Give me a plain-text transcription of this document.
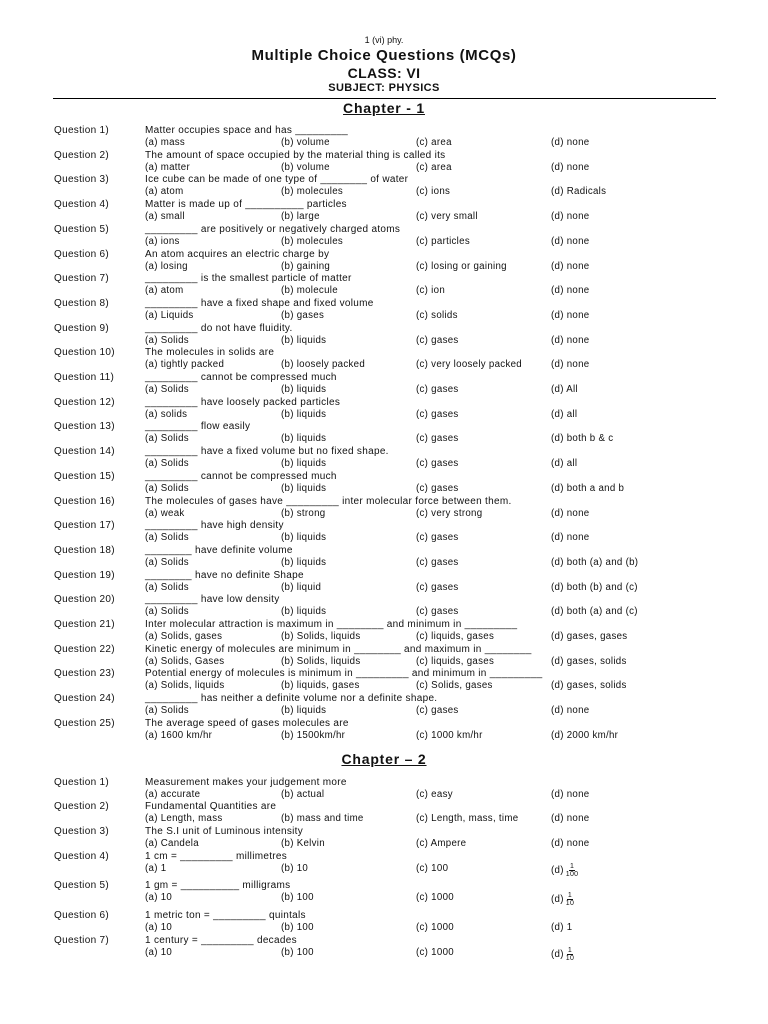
1 (vi) phy.
Multiple Choice Questions (MCQs)
CLASS: VI
SUBJECT: PHYSICS
Chapter - 1
Question 1)	Matter occupies space and has _________
(a) mass	(b) volume	(c) area	(d) none
Question 2)	The amount of space occupied by the material thing is called its
(a) matter	(b) volume	(c) area	(d) none
Question 3)	Ice cube can be made of one type of ________ of water
(a) atom	(b) molecules	(c) ions	(d) Radicals
Question 4)	Matter is made up of __________ particles
(a) small	(b) large	(c) very small	(d) none
Question 5)	_________ are positively or negatively charged atoms
(a) ions	(b) molecules	(c) particles	(d) none
Question 6)	An atom acquires an electric charge by
(a) losing	(b) gaining	(c) losing or gaining	(d) none
Question 7)	_________ is the smallest particle of matter
(a) atom	(b) molecule	(c) ion	(d) none
Question 8)	_________ have a fixed shape and fixed volume
(a) Liquids	(b) gases	(c) solids	(d) none
Question 9)	_________ do not have fluidity.
(a) Solids	(b) liquids	(c) gases	(d) none
Question 10)	The molecules in solids are
(a) tightly packed	(b) loosely packed	(c) very loosely packed	(d) none
Question 11)	_________ cannot be compressed much
(a) Solids	(b) liquids	(c) gases	(d) All
Question 12)	_________ have loosely packed particles
(a) solids	(b) liquids	(c) gases	(d) all
Question 13)	_________ flow easily
(a) Solids	(b) liquids	(c) gases	(d) both b & c
Question 14)	_________ have a fixed volume but no fixed shape.
(a) Solids	(b) liquids	(c) gases	(d) all
Question 15)	_________ cannot be compressed much
(a) Solids	(b) liquids	(c) gases	(d) both a and b
Question 16)	The molecules of gases have _________ inter molecular force between them.
(a) weak	(b) strong	(c) very strong	(d) none
Question 17)	_________ have high density
(a) Solids	(b) liquids	(c) gases	(d) none
Question 18)	________ have definite volume
(a) Solids	(b) liquids	(c) gases	(d) both (a) and (b)
Question 19)	________ have no definite Shape
(a) Solids	(b) liquid	(c) gases	(d) both (b) and (c)
Question 20)	_________ have low density
(a) Solids	(b) liquids	(c) gases	(d) both (a) and (c)
Question 21)	Inter molecular attraction is maximum in ________ and minimum in _________
(a) Solids, gases	(b) Solids, liquids	(c) liquids, gases	(d) gases, gases
Question 22)	Kinetic energy of molecules are minimum in ________ and maximum in ________
(a) Solids, Gases	(b) Solids, liquids	(c) liquids, gases	(d) gases, solids
Question 23)	Potential energy of molecules is minimum in _________ and minimum in _________
(a) Solids, liquids	(b) liquids, gases	(c) Solids, gases	(d) gases, solids
Question 24)	_________ has neither a definite volume nor a definite shape.
(a) Solids	(b) liquids	(c) gases	(d) none
Question 25)	The average speed of gases molecules are
(a) 1600 km/hr	(b) 1500km/hr	(c) 1000 km/hr	(d) 2000 km/hr
Chapter – 2
Question 1)	Measurement makes your judgement more
(a) accurate	(b) actual	(c) easy	(d) none
Question 2)	Fundamental Quantities are
(a) Length, mass	(b) mass and time	(c) Length, mass, time	(d) none
Question 3)	The S.I unit of Luminous intensity
(a) Candela	(b) Kelvin	(c) Ampere	(d) none
Question 4)	1 cm = _________ millimetres
(a) 1	(b) 10	(c) 100	$(d) \frac{1}{100}$
Question 5)	1 gm = __________ milligrams
(a) 10	(b) 100	(c) 1000	$(d) \frac{1}{10}$
Question 6)	1 metric ton = _________ quintals
(a) 10	(b) 100	(c) 1000	(d) 1
Question 7)	1 century = _________ decades
(a) 10	(b) 100	(c) 1000	$(d) \frac{1}{10}$
